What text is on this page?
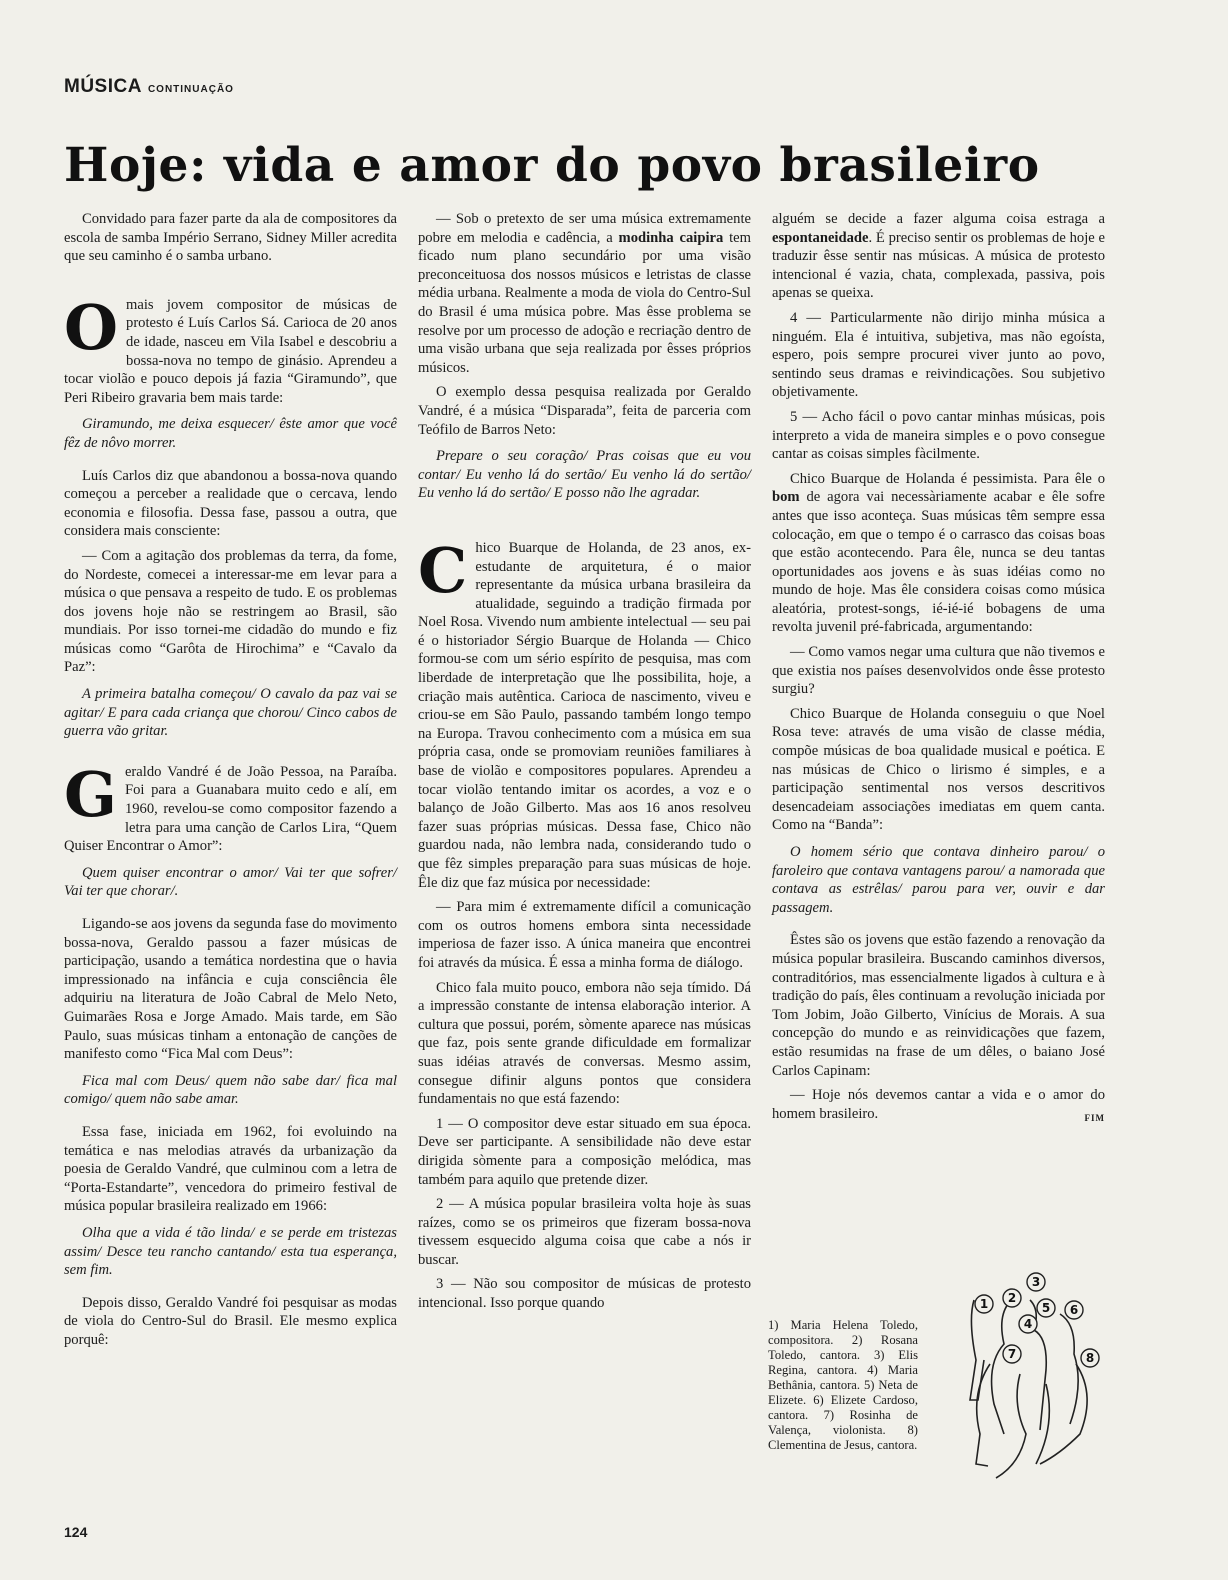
MÚSICA CONTINUAÇÃO
Hoje: vida e amor do povo brasileiro

Convidado para fazer parte da ala de compositores da escola de samba Império Serrano, Sidney Miller acredita que seu caminho é o samba urbano.

Omais jovem compositor de músicas de protesto é Luís Carlos Sá. Carioca de 20 anos de idade, nasceu em Vila Isabel e descobriu a bossa-nova no tempo de ginásio. Aprendeu a tocar violão e pouco depois já fazia “Giramundo”, que Peri Ribeiro gravaria bem mais tarde:

Giramundo, me deixa esquecer/ êste amor que você fêz de nôvo morrer.

Luís Carlos diz que abandonou a bossa-nova quando começou a perceber a realidade que o cercava, lendo economia e filosofia. Dessa fase, passou a outra, que considera mais consciente:

— Com a agitação dos problemas da terra, da fome, do Nordeste, comecei a interessar-me em levar para a música o que pensava a respeito de tudo. E os problemas dos jovens hoje não se restringem ao Brasil, são mundiais. Por isso tornei-me cidadão do mundo e fiz músicas como “Garôta de Hirochima” e “Cavalo da Paz”:

A primeira batalha começou/ O cavalo da paz vai se agitar/ E para cada criança que chorou/ Cinco cabos de guerra vão gritar.

Geraldo Vandré é de João Pessoa, na Paraíba. Foi para a Guanabara muito cedo e alí, em 1960, revelou-se como compositor fazendo a letra para uma canção de Carlos Lira, “Quem Quiser Encontrar o Amor”:

Quem quiser encontrar o amor/ Vai ter que sofrer/ Vai ter que chorar/.

Ligando-se aos jovens da segunda fase do movimento bossa-nova, Geraldo passou a fazer músicas de participação, usando a temática nordestina que o havia impressionado na infância e cuja consciência êle adquiriu na literatura de João Cabral de Melo Neto, Guimarães Rosa e Jorge Amado. Mais tarde, em São Paulo, suas músicas tinham a entonação de canções de manifesto como “Fica Mal com Deus”:

Fica mal com Deus/ quem não sabe dar/ fica mal comigo/ quem não sabe amar.

Essa fase, iniciada em 1962, foi evoluindo na temática e nas melodias através da urbanização da poesia de Geraldo Vandré, que culminou com a letra de “Porta-Estandarte”, vencedora do primeiro festival de música popular brasileira realizado em 1966:

Olha que a vida é tão linda/ e se perde em tristezas assim/ Desce teu rancho cantando/ esta tua esperança, sem fim.

Depois disso, Geraldo Vandré foi pesquisar as modas de viola do Centro-Sul do Brasil. Ele mesmo explica porquê:

— Sob o pretexto de ser uma música extremamente pobre em melodia e cadência, a modinha caipira tem ficado num plano secundário por uma visão preconceituosa dos nossos músicos e letristas de classe média urbana. Realmente a moda de viola do Centro-Sul do Brasil é uma música pobre. Mas êsse problema se resolve por um processo de adoção e recriação dentro de uma visão urbana que seja realizada por êsses próprios músicos.

O exemplo dessa pesquisa realizada por Geraldo Vandré, é a música “Disparada”, feita de parceria com Teófilo de Barros Neto:

Prepare o seu coração/ Pras coisas que eu vou contar/ Eu venho lá do sertão/ Eu venho lá do sertão/ Eu venho lá do sertão/ E posso não lhe agradar.

Chico Buarque de Holanda, de 23 anos, ex-estudante de arquitetura, é o maior representante da música urbana brasileira da atualidade, seguindo a tradição firmada por Noel Rosa. Vivendo num ambiente intelectual — seu pai é o historiador Sérgio Buarque de Holanda — Chico formou-se com um sério espírito de pesquisa, mas com liberdade de interpretação que lhe possibilita, hoje, a criação mais autêntica. Carioca de nascimento, viveu e criou-se em São Paulo, passando também longo tempo na Europa. Travou conhecimento com a música em sua própria casa, onde se promoviam reuniões familiares à base de violão e compositores populares. Aprendeu a tocar violão tentando imitar os acordes, a voz e o balanço de João Gilberto. Mas aos 16 anos resolveu fazer suas próprias músicas. Dessa fase, Chico não guardou nada, não lembra nada, considerando tudo o que fêz simples preparação para suas músicas de hoje. Êle diz que faz música por necessidade:

— Para mim é extremamente difícil a comunicação com os outros homens embora sinta necessidade imperiosa de fazer isso. A única maneira que encontrei foi através da música. É essa a minha forma de diálogo.

Chico fala muito pouco, embora não seja tímido. Dá a impressão constante de intensa elaboração interior. A cultura que possui, porém, sòmente aparece nas músicas que faz, pois sente grande dificuldade em formalizar suas idéias através de conversas. Mesmo assim, consegue difinir alguns pontos que considera fundamentais no que está fazendo:

1 — O compositor deve estar situado em sua época. Deve ser participante. A sensibilidade não deve estar dirigida sòmente para a composição melódica, mas também para aquilo que pretende dizer.

2 — A música popular brasileira volta hoje às suas raízes, como se os primeiros que fizeram bossa-nova tivessem esquecido alguma coisa que cabe a nós ir buscar.

3 — Não sou compositor de músicas de protesto intencional. Isso porque quando

alguém se decide a fazer alguma coisa estraga a espontaneidade. É preciso sentir os problemas de hoje e traduzir êsse sentir nas músicas. A música de protesto intencional é vazia, chata, complexada, passiva, pois apenas se queixa.

4 — Particularmente não dirijo minha música a ninguém. Ela é intuitiva, subjetiva, mas não egoísta, espero, pois sempre procurei viver junto ao povo, sentindo seus dramas e reivindicações. Sou subjetivo objetivamente.

5 — Acho fácil o povo cantar minhas músicas, pois interpreto a vida de maneira simples e o povo consegue cantar as coisas simples fàcilmente.

Chico Buarque de Holanda é pessimista. Para êle o bom de agora vai necessàriamente acabar e êle sofre antes que isso aconteça. Suas músicas têm sempre essa colocação, em que o tempo é o carrasco das coisas boas que estão acontecendo. Para êle, nunca se deu tantas oportunidades aos jovens e às suas idéias como no mundo de hoje. Mas êle considera coisas como música aleatória, protest-songs, ié-ié-ié bobagens de uma revolta juvenil pré-fabricada, argumentando:

— Como vamos negar uma cultura que não tivemos e que existia nos países desenvolvidos onde êsse protesto surgiu?

Chico Buarque de Holanda conseguiu o que Noel Rosa teve: através de uma visão de classe média, compõe músicas de boa qualidade musical e poética. E nas músicas de Chico o lirismo é simples, e a participação sentimental nos versos descritivos desencadeiam associações imediatas em quem canta. Como na “Banda”:

O homem sério que contava dinheiro parou/ o faroleiro que contava vantagens parou/ a namorada que contava as estrêlas/ parou para ver, ouvir e dar passagem.

Êstes são os jovens que estão fazendo a renovação da música popular brasileira. Buscando caminhos diversos, contraditórios, mas essencialmente ligados à cultura e à tradição do país, êles continuam a revolução iniciada por Tom Jobim, João Gilberto, Vinícius de Morais. A sua concepção do mundo e as reinvidicações que fazem, estão resumidas na frase de um dêles, o baiano José Carlos Capinam:

— Hoje nós devemos cantar a vida e o amor do homem brasileiro.	FIM

1) Maria Helena Toledo, compositora. 2) Rosana Toledo, cantora. 3) Elis Regina, cantora. 4) Maria Bethânia, cantora. 5) Neta de Elizete. 6) Elizete Cardoso, cantora. 7) Rosinha de Valença, violonista. 8) Clementina de Jesus, cantora.

1 2
3
4
5 6
7	8
124
